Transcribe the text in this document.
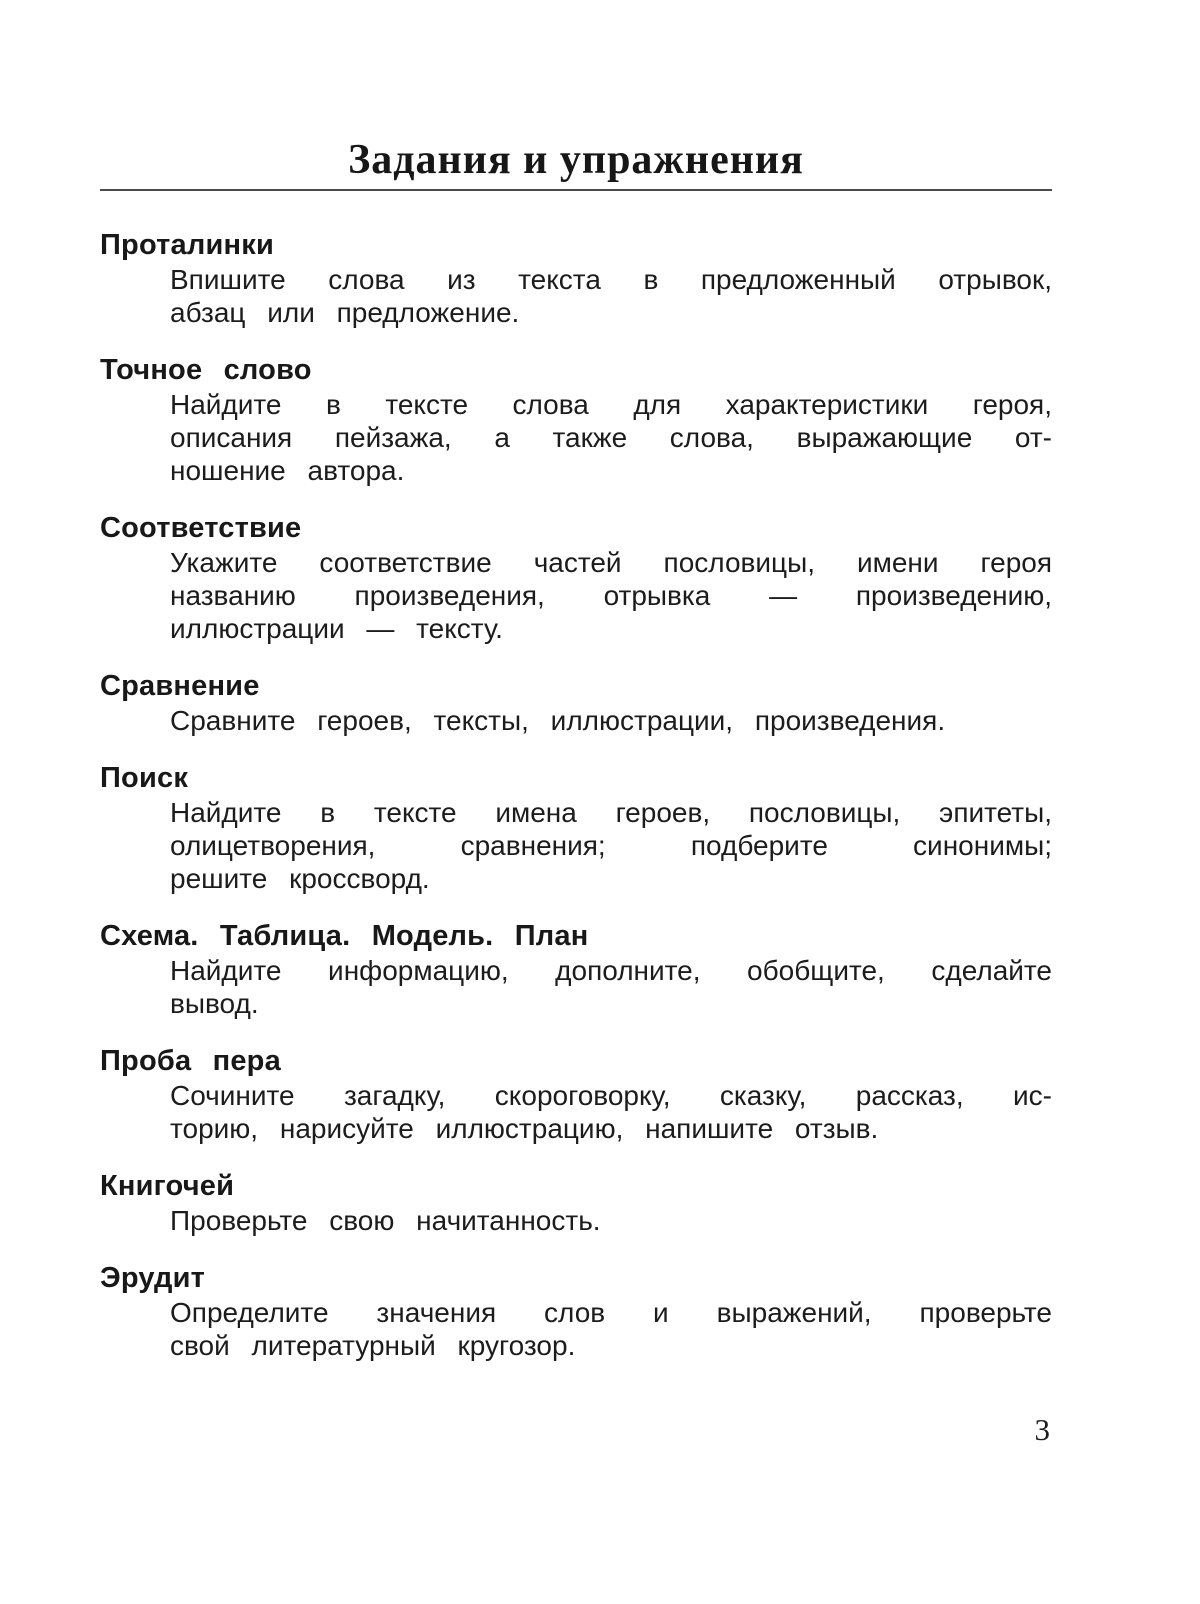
Задания и упражнения
Проталинки

Впишите слова из текста в предложенный отрывок,

абзац или предложение.

Точное слово

Найдите в тексте слова для характеристики героя,

описания пейзажа, а также слова, выражающие от-

ношение автора.

Соответствие

Укажите соответствие частей пословицы, имени героя

названию произведения, отрывка — произведению,

иллюстрации — тексту.

Сравнение

Сравните героев, тексты, иллюстрации, произведения.

Поиск

Найдите в тексте имена героев, пословицы, эпитеты,

олицетворения, сравнения; подберите синонимы;

решите кроссворд.

Схема. Таблица. Модель. План

Найдите информацию, дополните, обобщите, сделайте

вывод.

Проба пера

Сочините загадку, скороговорку, сказку, рассказ, ис-

торию, нарисуйте иллюстрацию, напишите отзыв.

Книгочей

Проверьте свою начитанность.

Эрудит

Определите значения слов и выражений, проверьте

свой литературный кругозор.

3
